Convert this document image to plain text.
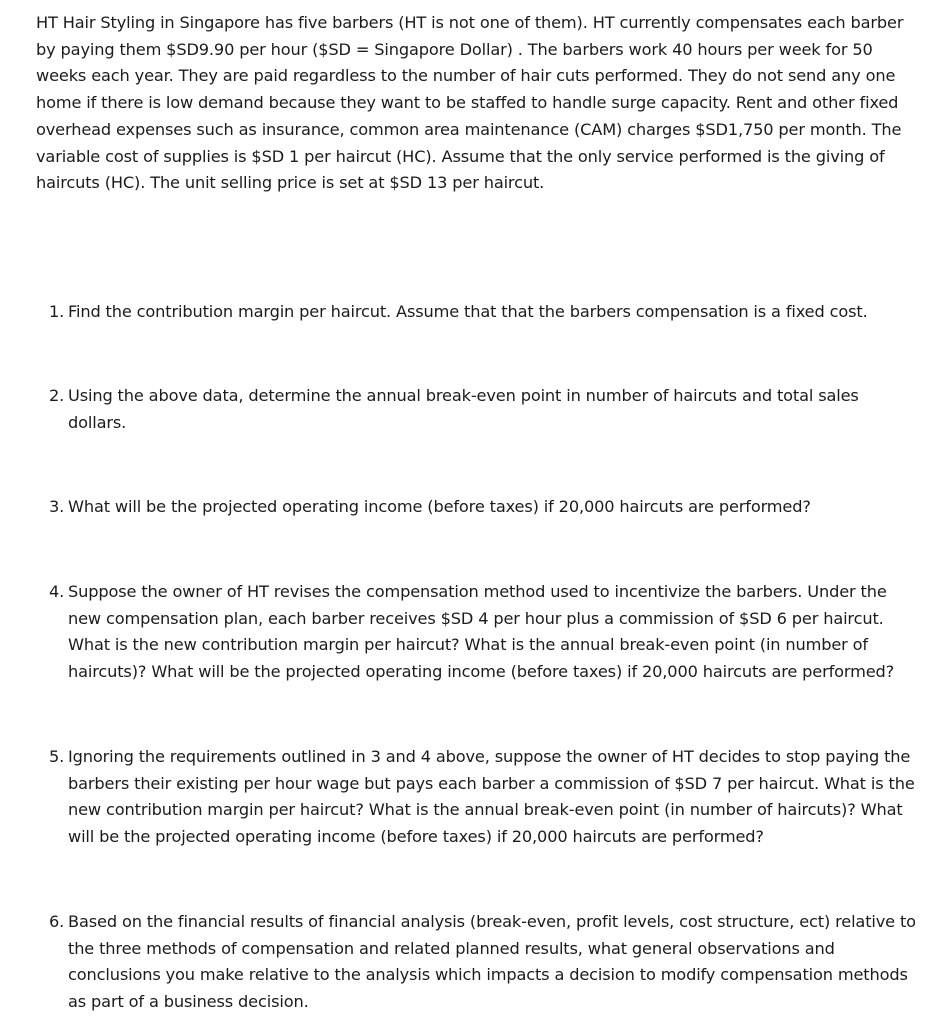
HT Hair Styling in Singapore has five barbers (HT is not one of them). HT currently compensates each barber
by paying them $SD9.90 per hour ($SD = Singapore Dollar) . The barbers work 40 hours per week for 50
weeks each year. They are paid regardless to the number of hair cuts performed. They do not send any one
home if there is low demand because they want to be staffed to handle surge capacity. Rent and other fixed
overhead expenses such as insurance, common area maintenance (CAM) charges $SD1,750 per month. The
variable cost of supplies is $SD 1 per haircut (HC). Assume that the only service performed is the giving of
haircuts (HC). The unit selling price is set at $SD 13 per haircut.
1. Find the contribution margin per haircut. Assume that that the barbers compensation is a fixed cost.
2. Using the above data, determine the annual break-even point in number of haircuts and total sales
dollars.
3. What will be the projected operating income (before taxes) if 20,000 haircuts are performed?
4. Suppose the owner of HT revises the compensation method used to incentivize the barbers. Under the
new compensation plan, each barber receives $SD 4 per hour plus a commission of $SD 6 per haircut.
What is the new contribution margin per haircut? What is the annual break-even point (in number of
haircuts)? What will be the projected operating income (before taxes) if 20,000 haircuts are performed?
5. Ignoring the requirements outlined in 3 and 4 above, suppose the owner of HT decides to stop paying the
barbers their existing per hour wage but pays each barber a commission of $SD 7 per haircut. What is the
new contribution margin per haircut? What is the annual break-even point (in number of haircuts)? What
will be the projected operating income (before taxes) if 20,000 haircuts are performed?
6. Based on the financial results of financial analysis (break-even, profit levels, cost structure, ect) relative to
the three methods of compensation and related planned results, what general observations and
conclusions you make relative to the analysis which impacts a decision to modify compensation methods
as part of a business decision.
